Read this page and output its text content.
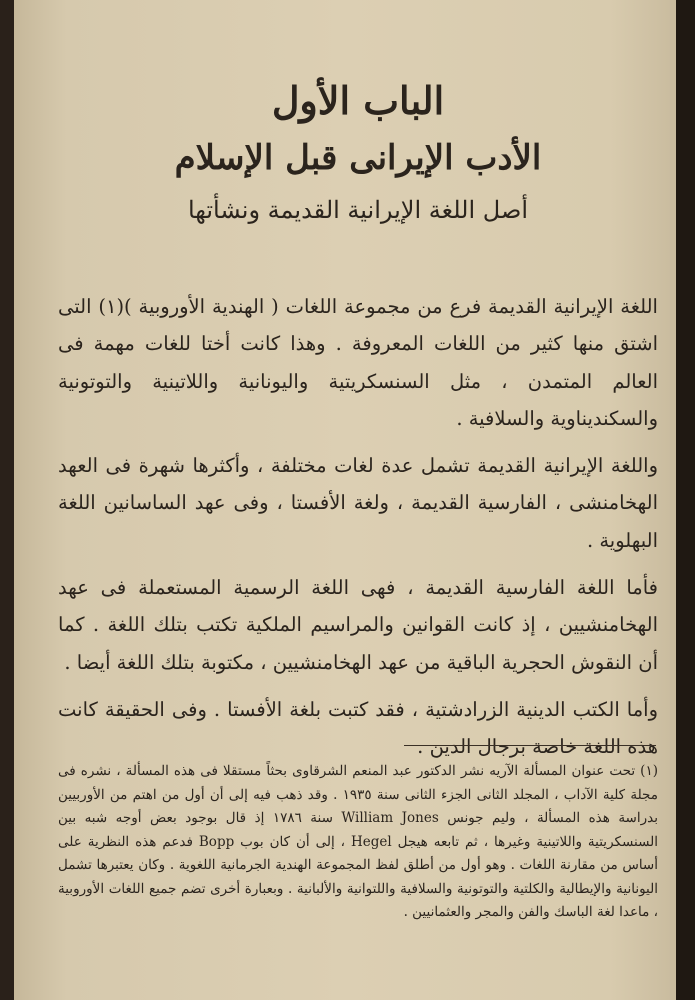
الباب الأول
الأدب الإيرانى قبل الإسلام
أصل اللغة الإيرانية القديمة ونشأتها

اللغة الإيرانية القديمة فرع من مجموعة اللغات ( الهندية الأوروبية )(١) التى اشتق منها كثير من اللغات المعروفة . وهذا كانت أختا للغات مهمة فى العالم المتمدن ، مثل السنسكريتية واليونانية واللاتينية والتوتونية والسكنديناوية والسلافية .

واللغة الإيرانية القديمة تشمل عدة لغات مختلفة ، وأكثرها شهرة فى العهد الهخامنشى ، الفارسية القديمة ، ولغة الأفستا ، وفى عهد الساسانين اللغة البهلوية .

فأما اللغة الفارسية القديمة ، فهى اللغة الرسمية المستعملة فى عهد الهخامنشيين ، إذ كانت القوانين والمراسيم الملكية تكتب بتلك اللغة . كما أن النقوش الحجرية الباقية من عهد الهخامنشيين ، مكتوبة بتلك اللغة أيضا .

وأما الكتب الدينية الزرادشتية ، فقد كتبت بلغة الأفستا . وفى الحقيقة كانت هذه اللغة خاصة برجال الدين .

(١) تحت عنوان المسألة الآريه نشر الدكتور عبد المنعم الشرقاوى بحثاً مستقلا فى هذه المسألة ، نشره فى مجلة كلية الآداب ، المجلد الثانى الجزء الثانى سنة ١٩٣٥ . وقد ذهب فيه إلى أن أول من اهتم من الأوربيين بدراسة هذه المسألة ، وليم جونس William Jones سنة ١٧٨٦ إذ قال بوجود بعض أوجه شبه بين السنسكريتية واللاتينية وغيرها ، ثم تابعه هيجل Hegel ، إلى أن كان بوب Bopp فدعم هذه النظرية على أساس من مقارنة اللغات . وهو أول من أطلق لفظ المجموعة الهندية الجرمانية اللغوية . وكان يعتبرها تشمل اليونانية والإيطالية والكلتية والتوتونية والسلافية واللتوانية والألبانية . وبعبارة أخرى تضم جميع اللغات الأوروبية ، ماعدا لغة الباسك والفن والمجر والعثمانيين .
